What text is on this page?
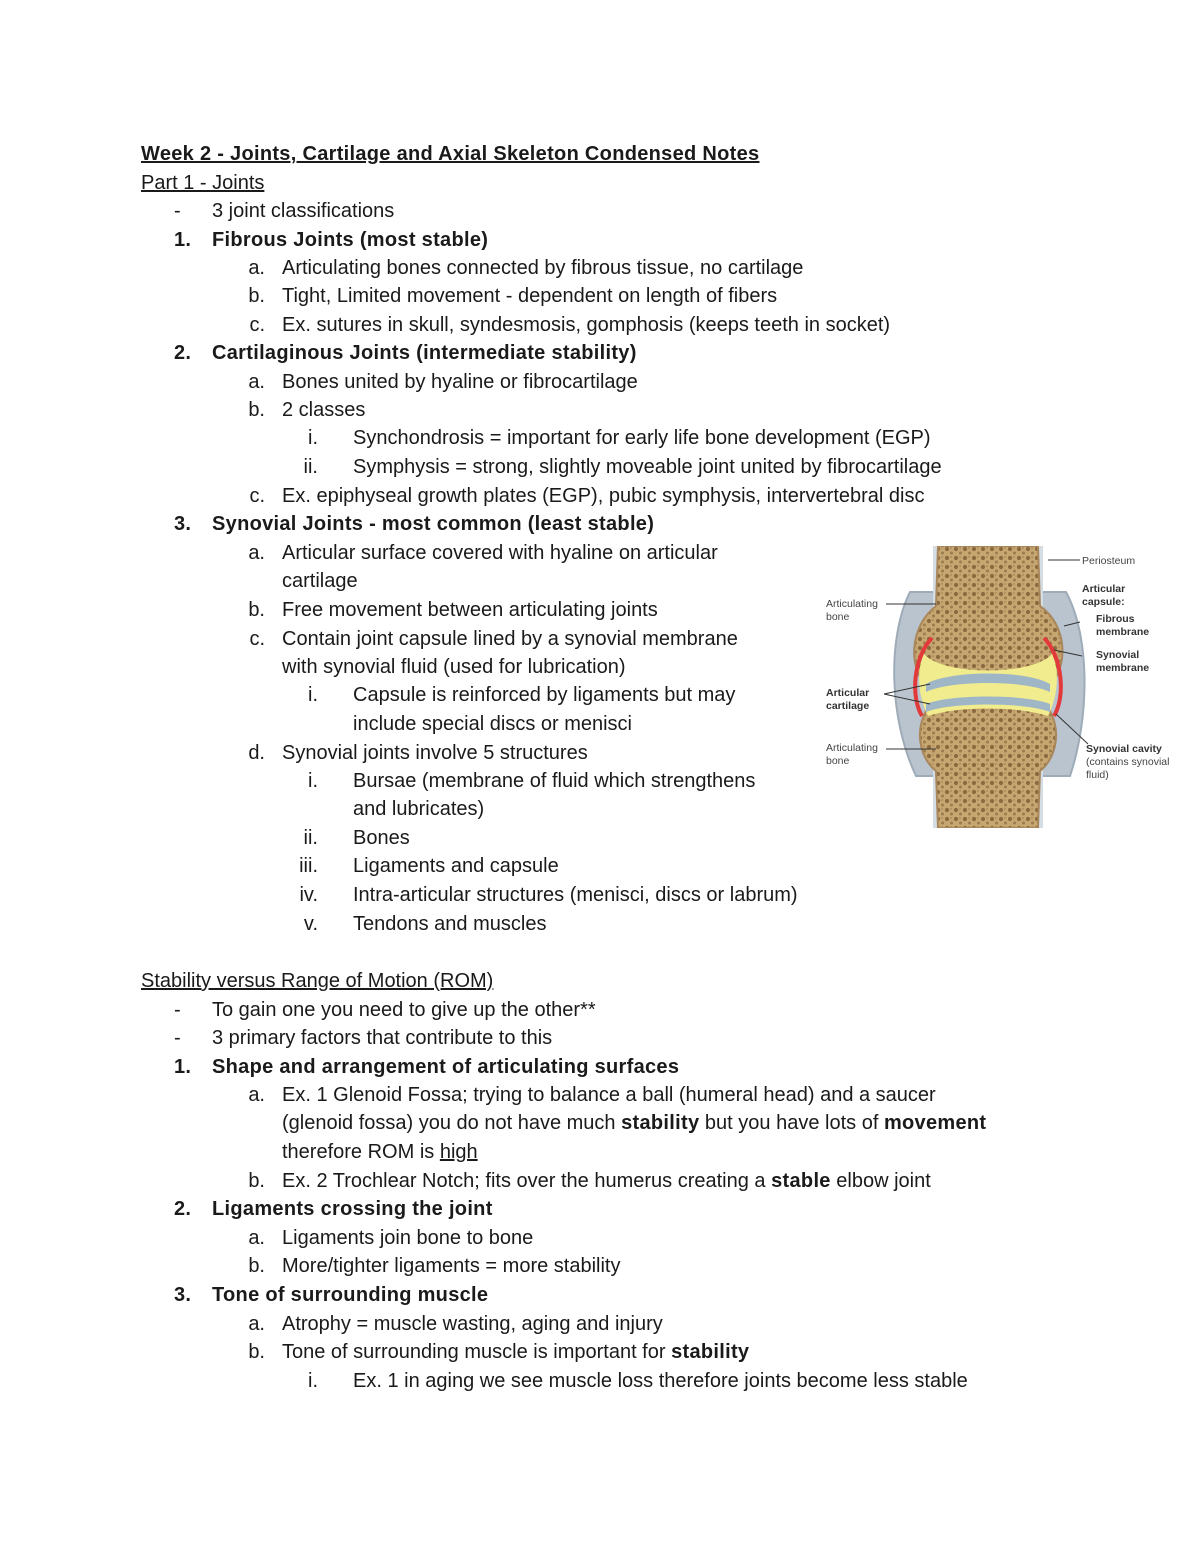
Week 2 - Joints, Cartilage and Axial Skeleton Condensed Notes
Part 1 - Joints
- 3 joint classifications
1. Fibrous Joints (most stable)
a. Articulating bones connected by fibrous tissue, no cartilage
b. Tight, Limited movement - dependent on length of fibers
c. Ex. sutures in skull, syndesmosis, gomphosis (keeps teeth in socket)
2. Cartilaginous Joints (intermediate stability)
a. Bones united by hyaline or fibrocartilage
b. 2 classes
i. Synchondrosis = important for early life bone development (EGP)
ii. Symphysis = strong, slightly moveable joint united by fibrocartilage
c. Ex. epiphyseal growth plates (EGP), pubic symphysis, intervertebral disc
3. Synovial Joints - most common (least stable)
a. Articular surface covered with hyaline on articular
cartilage
b. Free movement between articulating joints
c. Contain joint capsule lined by a synovial membrane
with synovial fluid (used for lubrication)
i. Capsule is reinforced by ligaments but may
include special discs or menisci
d. Synovial joints involve 5 structures
i. Bursae (membrane of fluid which strengthens
and lubricates)
ii. Bones
iii. Ligaments and capsule
iv. Intra-articular structures (menisci, discs or labrum)
v. Tendons and muscles
Periosteum
Articular
capsule:
Fibrous
membrane
Synovial
membrane
Articulating
bone
Articular
cartilage
Articulating
bone
Synovial cavity
(contains synovial
fluid)
Stability versus Range of Motion (ROM)
- To gain one you need to give up the other**
- 3 primary factors that contribute to this
1. Shape and arrangement of articulating surfaces
a. Ex. 1 Glenoid Fossa; trying to balance a ball (humeral head) and a saucer
(glenoid fossa) you do not have much stability but you have lots of movement
therefore ROM is high
b. Ex. 2 Trochlear Notch; fits over the humerus creating a stable elbow joint
2. Ligaments crossing the joint
a. Ligaments join bone to bone
b. More/tighter ligaments = more stability
3. Tone of surrounding muscle
a. Atrophy = muscle wasting, aging and injury
b. Tone of surrounding muscle is important for stability
i. Ex. 1 in aging we see muscle loss therefore joints become less stable
